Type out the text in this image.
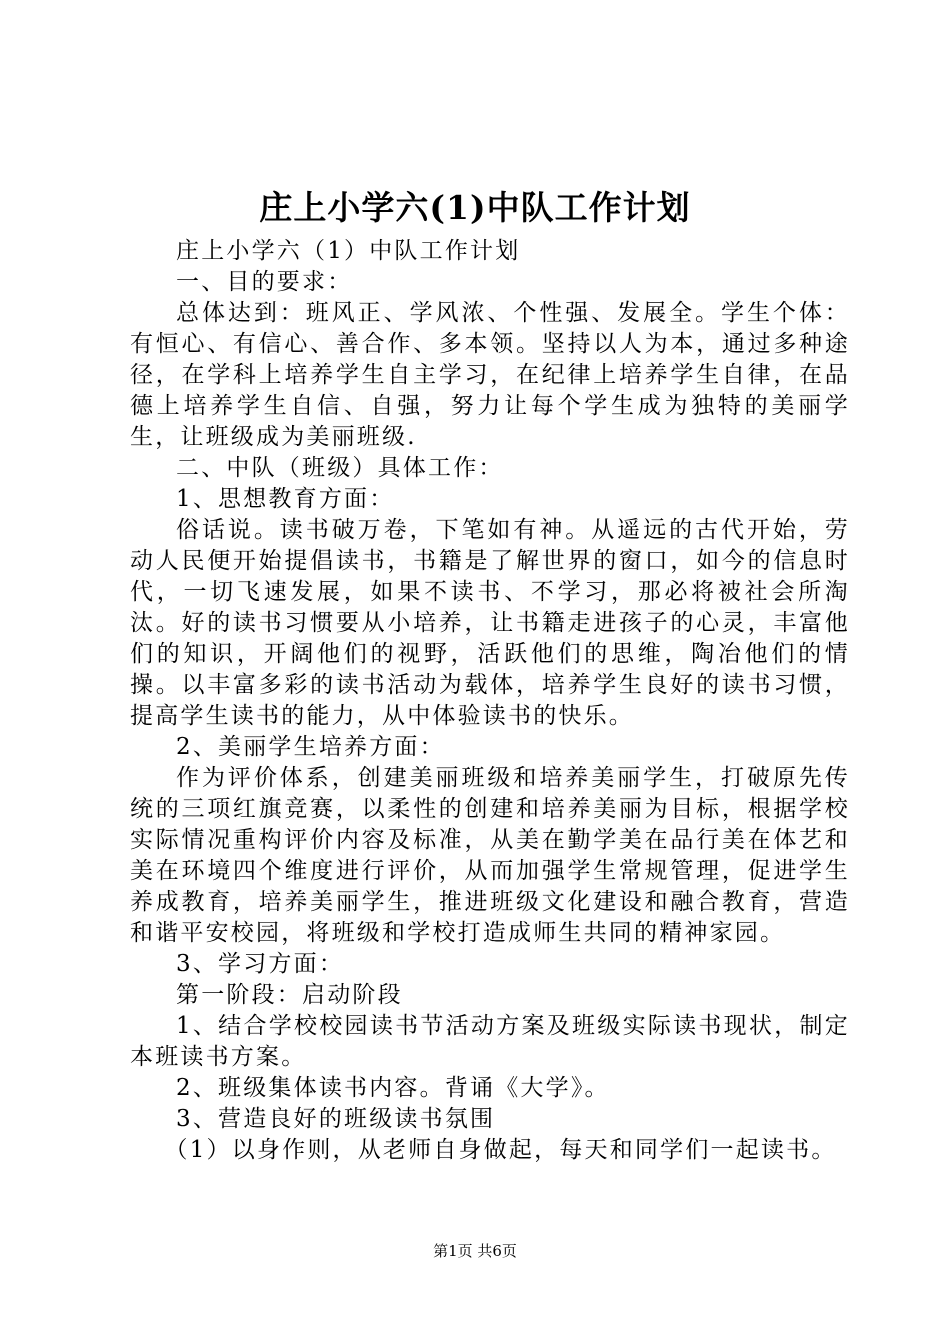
庄上小学六(1)中队工作计划

庄上小学六（1）中队工作计划

一、目的要求：

总体达到：班风正、学风浓、个性强、发展全。学生个体：有恒心、有信心、善合作、多本领。坚持以人为本，通过多种途径，在学科上培养学生自主学习，在纪律上培养学生自律，在品德上培养学生自信、自强，努力让每个学生成为独特的美丽学生，让班级成为美丽班级.

二、中队（班级）具体工作：

1、思想教育方面：

俗话说。读书破万卷，下笔如有神。从遥远的古代开始，劳动人民便开始提倡读书，书籍是了解世界的窗口，如今的信息时代，一切飞速发展，如果不读书、不学习，那必将被社会所淘汰。好的读书习惯要从小培养，让书籍走进孩子的心灵，丰富他们的知识，开阔他们的视野，活跃他们的思维，陶冶他们的情操。以丰富多彩的读书活动为载体，培养学生良好的读书习惯，提高学生读书的能力，从中体验读书的快乐。

2、美丽学生培养方面：

作为评价体系，创建美丽班级和培养美丽学生，打破原先传统的三项红旗竞赛，以柔性的创建和培养美丽为目标，根据学校实际情况重构评价内容及标准，从美在勤学美在品行美在体艺和美在环境四个维度进行评价，从而加强学生常规管理，促进学生养成教育，培养美丽学生，推进班级文化建设和融合教育，营造和谐平安校园，将班级和学校打造成师生共同的精神家园。

3、学习方面：

第一阶段：启动阶段

1、结合学校校园读书节活动方案及班级实际读书现状，制定本班读书方案。

2、班级集体读书内容。背诵《大学》。

3、营造良好的班级读书氛围

（1）以身作则，从老师自身做起，每天和同学们一起读书。

第1页 共6页
